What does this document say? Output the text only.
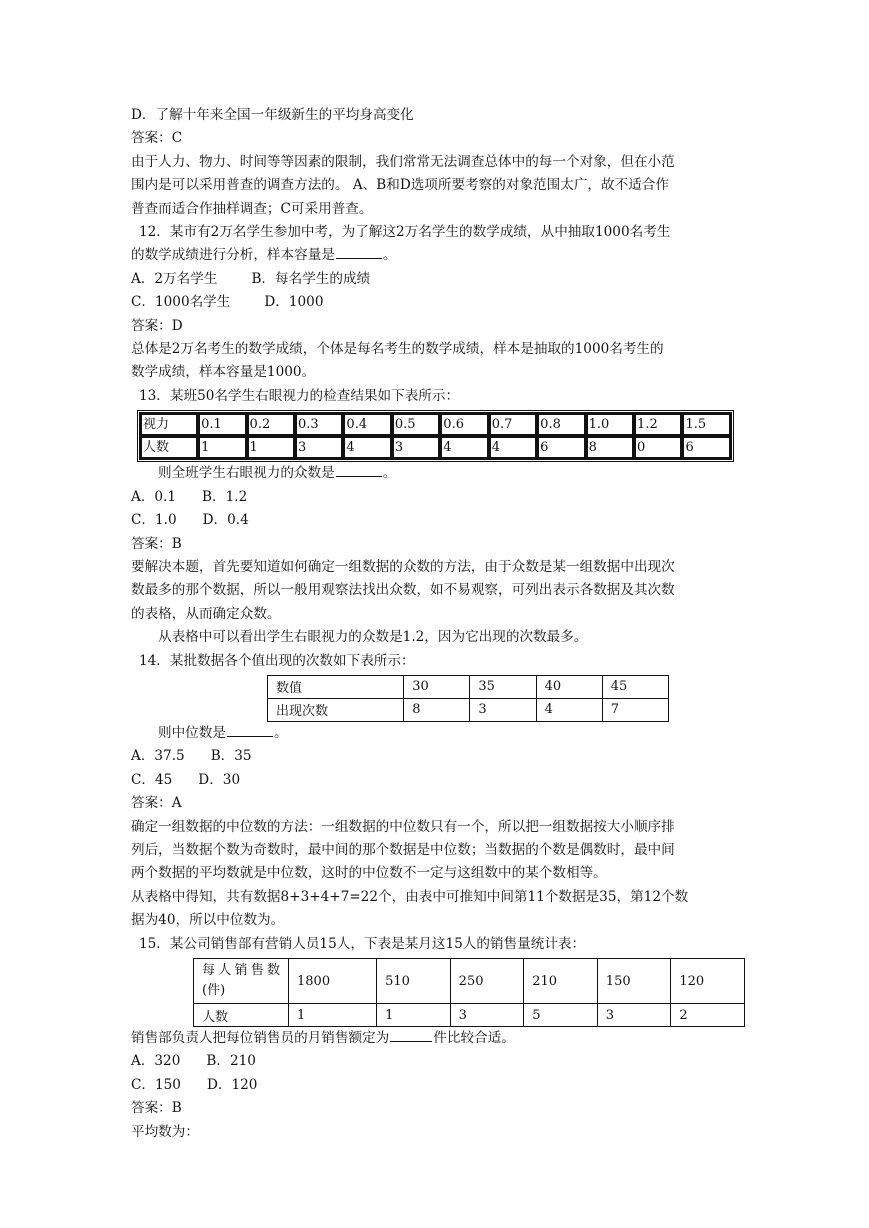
D．了解十年来全国一年级新生的平均身高变化
答案：C
由于人力、物力、时间等等因素的限制，我们常常无法调查总体中的每一个对象，但在小范
围内是可以采用普查的调查方法的。 A、B和D选项所要考察的对象范围太广，故不适合作
普查而适合作抽样调查；C可采用普查。
12．某市有2万名学生参加中考，为了解这2万名学生的数学成绩，从中抽取1000名考生
的数学成绩进行分析，样本容量是	。
A．2万名学生	B．每名学生的成绩
C．1000名学生	D．1000
答案：D
总体是2万名考生的数学成绩，个体是每名考生的数学成绩，样本是抽取的1000名考生的
数学成绩，样本容量是1000。
13．某班50名学生右眼视力的检查结果如下表所示：
视力	0.1	0.2	0.3	0.4	0.5	0.6	0.7	0.8	1.0	1.2	1.5
人数	1	1	3	4	3	4	4	6	8	0	6
则全班学生右眼视力的众数是	。
A．0.1 B．1.2
C．1.0 D．0.4
答案：B
要解决本题，首先要知道如何确定一组数据的众数的方法，由于众数是某一组数据中出现次
数最多的那个数据，所以一般用观察法找出众数，如不易观察，可列出表示各数据及其次数
的表格，从而确定众数。
从表格中可以看出学生右眼视力的众数是1.2，因为它出现的次数最多。
14．某批数据各个值出现的次数如下表所示：
数值	30	35	40	45
出现次数	8	3	4	7
则中位数是	。
A．37.5 B．35
C．45 D．30
答案：A
确定一组数据的中位数的方法：一组数据的中位数只有一个，所以把一组数据按大小顺序排
列后，当数据个数为奇数时，最中间的那个数据是中位数；当数据的个数是偶数时，最中间
两个数据的平均数就是中位数，这时的中位数不一定与这组数中的某个数相等。
从表格中得知，共有数据8+3+4+7=22个，由表中可推知中间第11个数据是35，第12个数
据为40，所以中位数为。
15．某公司销售部有营销人员15人，下表是某月这15人的销售量统计表：
每人销售数(件)	1800	510	250	210	150	120
人数	1	1	3	5	3	2
销售部负责人把每位销售员的月销售额定为	件比较合适。
A．320 B．210
C．150 D．120
答案：B
平均数为：
